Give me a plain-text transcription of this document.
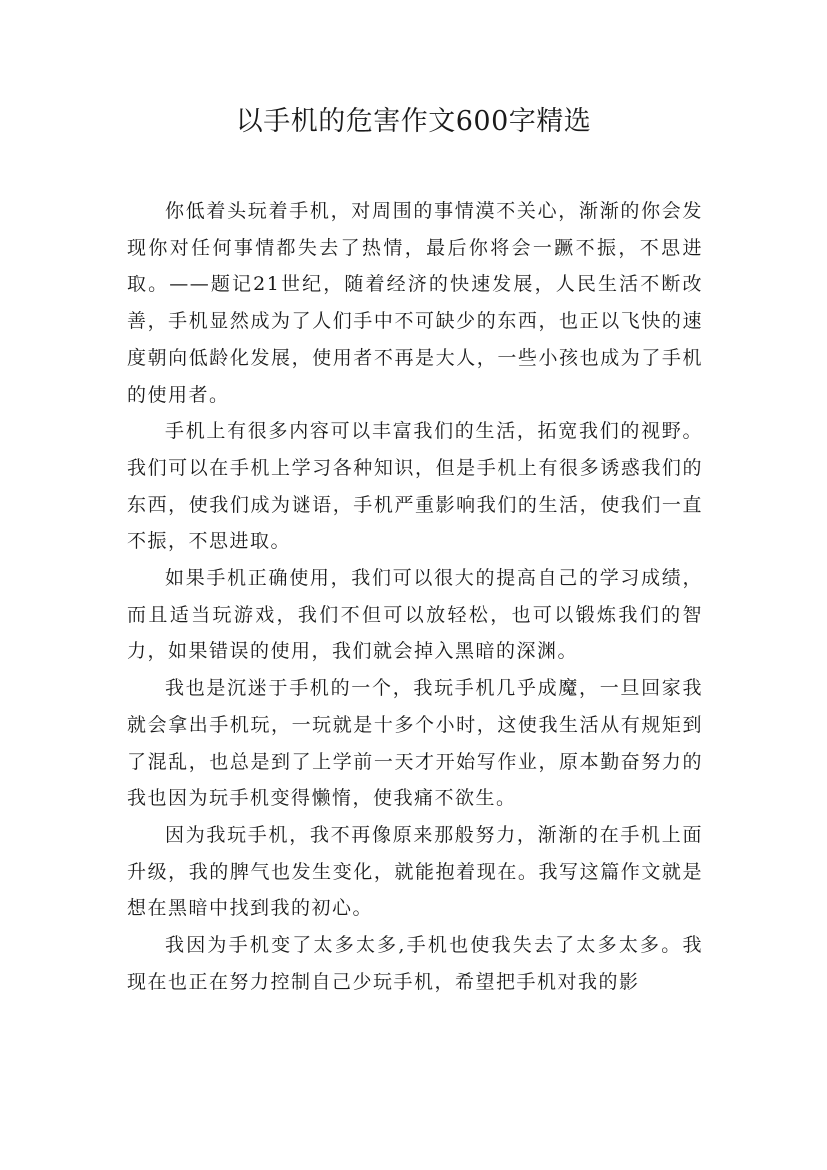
以手机的危害作文600字精选

你低着头玩着手机，对周围的事情漠不关心，渐渐的你会发现你对任何事情都失去了热情，最后你将会一蹶不振，不思进取。——题记21世纪，随着经济的快速发展，人民生活不断改善，手机显然成为了人们手中不可缺少的东西，也正以飞快的速度朝向低龄化发展，使用者不再是大人，一些小孩也成为了手机的使用者。

手机上有很多内容可以丰富我们的生活，拓宽我们的视野。我们可以在手机上学习各种知识，但是手机上有很多诱惑我们的东西，使我们成为谜语，手机严重影响我们的生活，使我们一直不振，不思进取。

如果手机正确使用，我们可以很大的提高自己的学习成绩，而且适当玩游戏，我们不但可以放轻松，也可以锻炼我们的智力，如果错误的使用，我们就会掉入黑暗的深渊。

我也是沉迷于手机的一个，我玩手机几乎成魔，一旦回家我就会拿出手机玩，一玩就是十多个小时，这使我生活从有规矩到了混乱，也总是到了上学前一天才开始写作业，原本勤奋努力的我也因为玩手机变得懒惰，使我痛不欲生。

因为我玩手机，我不再像原来那般努力，渐渐的在手机上面升级，我的脾气也发生变化，就能抱着现在。我写这篇作文就是想在黑暗中找到我的初心。

我因为手机变了太多太多,手机也使我失去了太多太多。我现在也正在努力控制自己少玩手机，希望把手机对我的影
